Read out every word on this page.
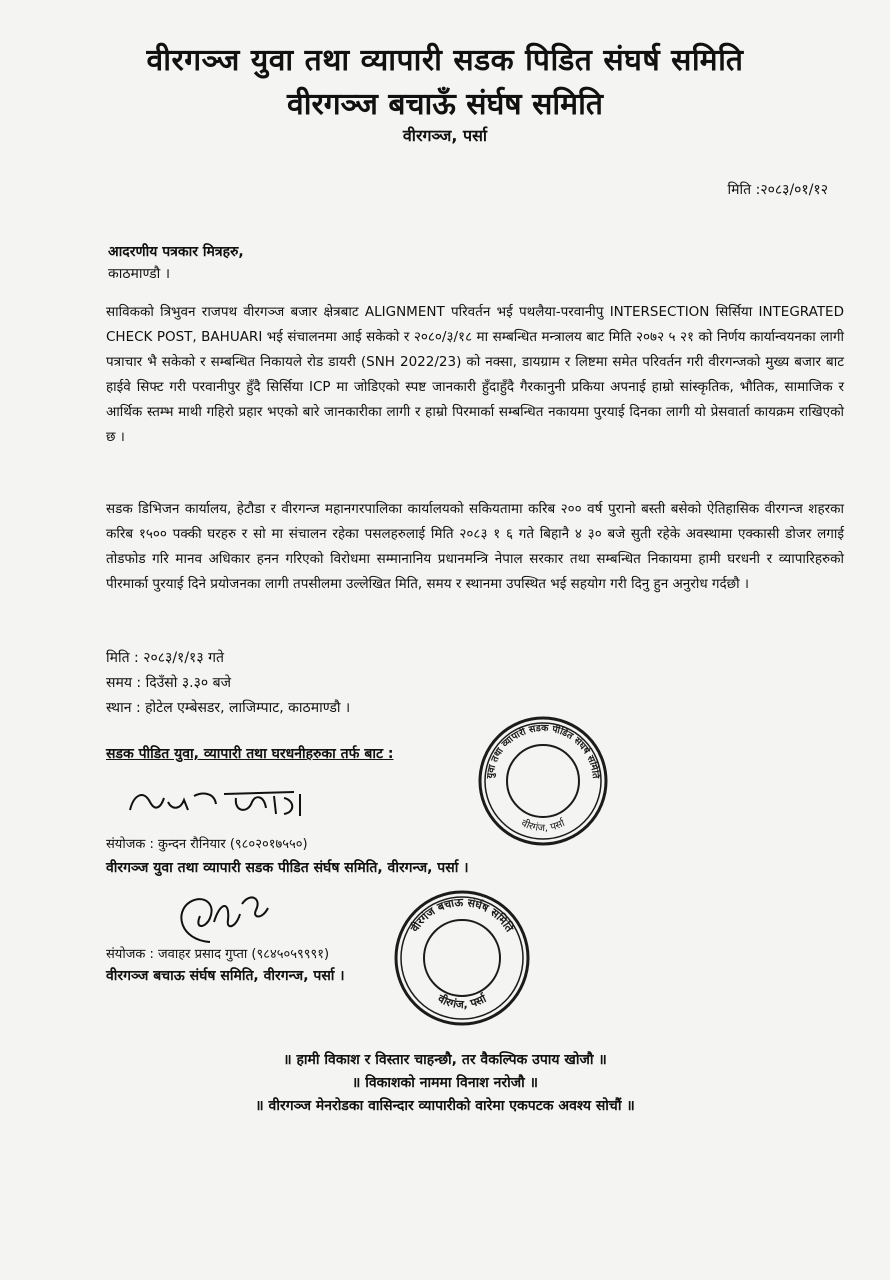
वीरगञ्ज युवा तथा व्यापारी सडक पिडित संघर्ष समिति
वीरगञ्ज बचाऊँ संर्घष समिति
वीरगञ्ज, पर्सा
मिति :२०८३/०१/१२
आदरणीय पत्रकार मित्रहरु,
काठमाण्डौ ।
साविकको त्रिभुवन राजपथ वीरगञ्ज बजार क्षेत्रबाट ALIGNMENT परिवर्तन भई पथलैया-परवानीपु INTERSECTION सिर्सिया INTEGRATED CHECK POST, BAHUARI भई संचालनमा आई सकेको र २०८०/३/१८ मा सम्बन्धित मन्त्रालय बाट मिति २०७२ ५ २१ को निर्णय कार्यान्वयनका लागी पत्राचार भै सकेको र सम्बन्धित निकायले रोड डायरी (SNH 2022/23) को नक्सा, डायग्राम र लिष्टमा समेत परिवर्तन गरी वीरगन्जको मुख्य बजार बाट हाईवे सिफ्ट गरी परवानीपुर हुँदै सिर्सिया ICP मा जोडिएको स्पष्ट जानकारी हुँदाहुँदै गैरकानुनी प्रकिया अपनाई हाम्रो सांस्कृतिक, भौतिक, सामाजिक र आर्थिक स्तम्भ माथी गहिरो प्रहार भएको बारे जानकारीका लागी र हाम्रो पिरमार्का सम्बन्धित नकायमा पुरयाई दिनका लागी यो प्रेसवार्ता कायक्रम राखिएको छ ।
सडक डिभिजन कार्यालय, हेटौडा र वीरगन्ज महानगरपालिका कार्यालयको सकियतामा करिब २०० वर्ष पुरानो बस्ती बसेको ऐतिहासिक वीरगन्ज शहरका करिब १५०० पक्की घरहरु र सो मा संचालन रहेका पसलहरुलाई मिति २०८३ १ ६ गते बिहानै ४ ३० बजे सुती रहेके अवस्थामा एक्कासी डोजर लगाई तोडफोड गरि मानव अधिकार हनन गरिएको विरोधमा सम्मानानिय प्रधानमन्त्रि नेपाल सरकार तथा सम्बन्धित निकायमा हामी घरधनी र व्यापारिहरुको पीरमार्का पुरयाई दिने प्रयोजनका लागी तपसीलमा उल्लेखित मिति, समय र स्थानमा उपस्थित भई सहयोग गरी दिनु हुन अनुरोध गर्दछौ ।
मिति : २०८३/१/१३ गते
समय : दिउँसो ३.३० बजे
स्थान : होटेल एम्बेसडर, लाजिम्पाट, काठमाण्डौ ।
सडक पीडित युवा, व्यापारी तथा घरधनीहरुका तर्फ बाट :
युवा तथा व्यापारी सडक पीडित संघर्ष समिति
वीरगंज, पर्सा
कुन्दन रौनियार
संयोजक : कुन्दन रौनियार (९८०२०१७५५०)
वीरगञ्ज युवा तथा व्यापारी सडक पीडित संर्घष समिति, वीरगन्ज, पर्सा ।
वीरगंज बचाऊ संर्घष समिति
वीरगंज, पर्सा
संयोजक : जवाहर प्रसाद गुप्ता (९८४५०५९९९१)
वीरगञ्ज बचाऊ संर्घष समिति, वीरगन्ज, पर्सा ।
॥ हामी विकाश र विस्तार चाहन्छौ, तर वैकल्पिक उपाय खोजौ ॥
॥ विकाशको नाममा विनाश नरोजौ ॥
॥ वीरगञ्ज मेनरोडका वासिन्दार व्यापारीको वारेमा एकपटक अवश्य सोचौं ॥
